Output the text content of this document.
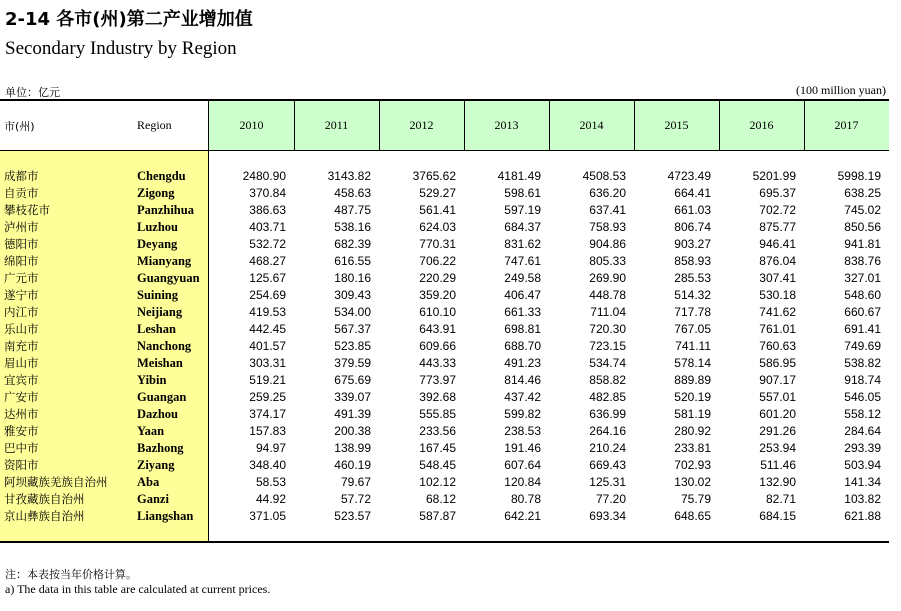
2-14 各市(州)第二产业增加值
Secondary Industry by Region
单位：亿元	(100 million yuan)
市(州)	Region	2010	2011	2012	2013	2014	2015	2016	2017
成都市	Chengdu	2480.90	3143.82	3765.62	4181.49	4508.53	4723.49	5201.99	5998.19
自贡市	Zigong	370.84	458.63	529.27	598.61	636.20	664.41	695.37	638.25
攀枝花市	Panzhihua	386.63	487.75	561.41	597.19	637.41	661.03	702.72	745.02
泸州市	Luzhou	403.71	538.16	624.03	684.37	758.93	806.74	875.77	850.56
德阳市	Deyang	532.72	682.39	770.31	831.62	904.86	903.27	946.41	941.81
绵阳市	Mianyang	468.27	616.55	706.22	747.61	805.33	858.93	876.04	838.76
广元市	Guangyuan	125.67	180.16	220.29	249.58	269.90	285.53	307.41	327.01
遂宁市	Suining	254.69	309.43	359.20	406.47	448.78	514.32	530.18	548.60
内江市	Neijiang	419.53	534.00	610.10	661.33	711.04	717.78	741.62	660.67
乐山市	Leshan	442.45	567.37	643.91	698.81	720.30	767.05	761.01	691.41
南充市	Nanchong	401.57	523.85	609.66	688.70	723.15	741.11	760.63	749.69
眉山市	Meishan	303.31	379.59	443.33	491.23	534.74	578.14	586.95	538.82
宜宾市	Yibin	519.21	675.69	773.97	814.46	858.82	889.89	907.17	918.74
广安市	Guangan	259.25	339.07	392.68	437.42	482.85	520.19	557.01	546.05
达州市	Dazhou	374.17	491.39	555.85	599.82	636.99	581.19	601.20	558.12
雅安市	Yaan	157.83	200.38	233.56	238.53	264.16	280.92	291.26	284.64
巴中市	Bazhong	94.97	138.99	167.45	191.46	210.24	233.81	253.94	293.39
资阳市	Ziyang	348.40	460.19	548.45	607.64	669.43	702.93	511.46	503.94
阿坝藏族羌族自治州 Aba	58.53	79.67	102.12	120.84	125.31	130.02	132.90	141.34
甘孜藏族自治州	Ganzi	44.92	57.72	68.12	80.78	77.20	75.79	82.71	103.82
京山彝族自治州	Liangshan	371.05	523.57	587.87	642.21	693.34	648.65	684.15	621.88
注：本表按当年价格计算。
a) The data in this table are calculated at current prices.
